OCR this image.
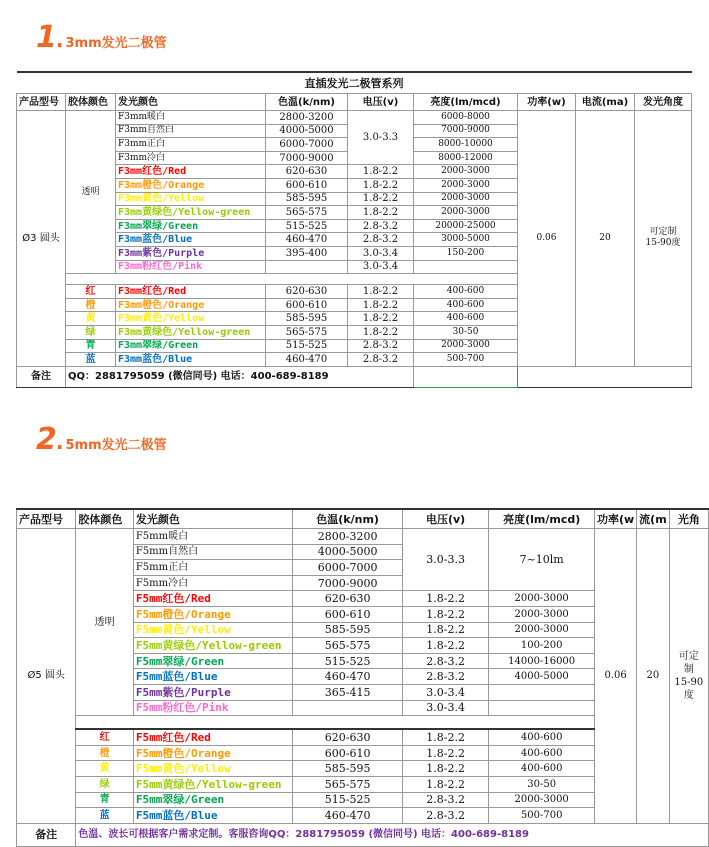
1 . 3mm发光二极管
直插发光二极管系列								
产品型号	胶体颜色	发光颜色	色温(k/nm)	电压(v)	亮度(lm/mcd)	功率(w)	电流(ma)	发光角度
Ø3 圆头	透明	F3mm暖白	2800-3200	3.0-3.3	6000-8000	0.06	20	可定制
15-90度

		F3mm自然白	4000-5000		7000-9000			
		F3mm正白	6000-7000		8000-10000			
		F3mm冷白	7000-9000		8000-12000			
		F3mm红色/Red	620-630	1.8-2.2	2000-3000			
		F3mm橙色/Orange	600-610	1.8-2.2	2000-3000			
		F3mm黄色/Yellow	585-595	1.8-2.2	2000-3000			
		F3mm黄绿色/Yellow-green	565-575	1.8-2.2	2000-3000			
		F3mm翠绿/Green	515-525	2.8-3.2	20000-25000			
		F3mm蓝色/Blue	460-470	2.8-3.2	3000-5000			
		F3mm紫色/Purple	395-400	3.0-3.4	150-200			
		F3mm粉红色/Pink		3.0-3.4				

	红	F3mm红色/Red	620-630	1.8-2.2	400-600			
	橙	F3mm橙色/Orange	600-610	1.8-2.2	400-600			
	黄	F3mm黄色/Yellow	585-595	1.8-2.2	400-600			
	绿	F3mm黄绿色/Yellow-green	565-575	1.8-2.2	30-50			
	青	F3mm翠绿/Green	515-525	2.8-3.2	2000-3000			
	蓝	F3mm蓝色/Blue	460-470	2.8-3.2	500-700			
备注	QQ：2881795059 (微信同号) 电话：400-689-8189							
2 . 5mm发光二极管
产品型号	胶体颜色	发光颜色	色温(k/nm)	电压(v)	亮度(lm/mcd)	功率(w	流(m	光角
Ø5 圆头	透明	F5mm暖白	2800-3200	3.0-3.3	7~10lm	0.06	20	可定
制
15-90
度

		F5mm自然白	4000-5000					
		F5mm正白	6000-7000					
		F5mm冷白	7000-9000					
		F5mm红色/Red	620-630	1.8-2.2	2000-3000			
		F5mm橙色/Orange	600-610	1.8-2.2	2000-3000			
		F5mm黄色/Yellow	585-595	1.8-2.2	2000-3000			
		F5mm黄绿色/Yellow-green	565-575	1.8-2.2	100-200			
		F5mm翠绿/Green	515-525	2.8-3.2	14000-16000			
		F5mm蓝色/Blue	460-470	2.8-3.2	4000-5000			
		F5mm紫色/Purple	365-415	3.0-3.4				
		F5mm粉红色/Pink		3.0-3.4				

	红	F5mm红色/Red	620-630	1.8-2.2	400-600			
	橙	F5mm橙色/Orange	600-610	1.8-2.2	400-600			
	黄	F5mm黄色/Yellow	585-595	1.8-2.2	400-600			
	绿	F5mm黄绿色/Yellow-green	565-575	1.8-2.2	30-50			
	青	F5mm翠绿/Green	515-525	2.8-3.2	2000-3000			
	蓝	F5mm蓝色/Blue	460-470	2.8-3.2	500-700			
备注	色温、波长可根据客户需求定制。客服咨询QQ：2881795059 (微信同号) 电话：400-689-8189							
